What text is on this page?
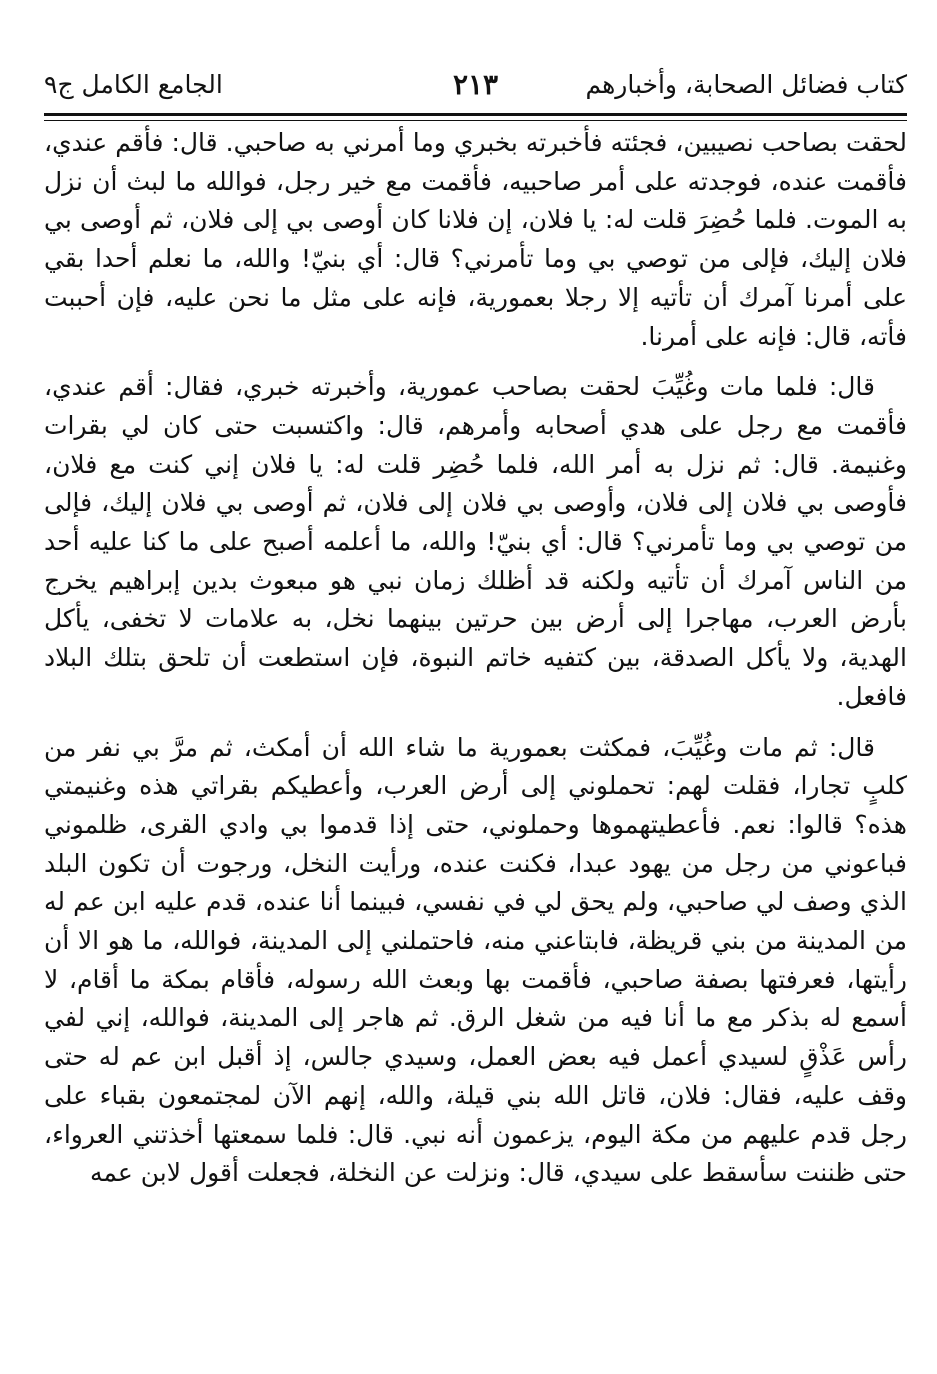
كتاب فضائل الصحابة، وأخبارهم
٢١٣
الجامع الكامل ج٩

لحقت بصاحب نصيبين، فجئته فأخبرته بخبري وما أمرني به صاحبي. قال: فأقم عندي، فأقمت عنده، فوجدته على أمر صاحبيه، فأقمت مع خير رجل، فوالله ما لبث أن نزل به الموت. فلما حُضِرَ قلت له: يا فلان، إن فلانا كان أوصى بي إلى فلان، ثم أوصى بي فلان إليك، فإلى من توصي بي وما تأمرني؟ قال: أي بنيّ! والله، ما نعلم أحدا بقي على أمرنا آمرك أن تأتيه إلا رجلا بعمورية، فإنه على مثل ما نحن عليه، فإن أحببت فأته، قال: فإنه على أمرنا.

قال: فلما مات وغُيِّبَ لحقت بصاحب عمورية، وأخبرته خبري، فقال: أقم عندي، فأقمت مع رجل على هدي أصحابه وأمرهم، قال: واكتسبت حتى كان لي بقرات وغنيمة. قال: ثم نزل به أمر الله، فلما حُضِر قلت له: يا فلان إني كنت مع فلان، فأوصى بي فلان إلى فلان، وأوصى بي فلان إلى فلان، ثم أوصى بي فلان إليك، فإلى من توصي بي وما تأمرني؟ قال: أي بنيّ! والله، ما أعلمه أصبح على ما كنا عليه أحد من الناس آمرك أن تأتيه ولكنه قد أظلك زمان نبي هو مبعوث بدين إبراهيم يخرج بأرض العرب، مهاجرا إلى أرض بين حرتين بينهما نخل، به علامات لا تخفى، يأكل الهدية، ولا يأكل الصدقة، بين كتفيه خاتم النبوة، فإن استطعت أن تلحق بتلك البلاد فافعل.

قال: ثم مات وغُيِّبَ، فمكثت بعمورية ما شاء الله أن أمكث، ثم مرَّ بي نفر من كلبٍ تجارا، فقلت لهم: تحملوني إلى أرض العرب، وأعطيكم بقراتي هذه وغنيمتي هذه؟ قالوا: نعم. فأعطيتهموها وحملوني، حتى إذا قدموا بي وادي القرى، ظلموني فباعوني من رجل من يهود عبدا، فكنت عنده، ورأيت النخل، ورجوت أن تكون البلد الذي وصف لي صاحبي، ولم يحق لي في نفسي، فبينما أنا عنده، قدم عليه ابن عم له من المدينة من بني قريظة، فابتاعني منه، فاحتملني إلى المدينة، فوالله، ما هو الا أن رأيتها، فعرفتها بصفة صاحبي، فأقمت بها وبعث الله رسوله، فأقام بمكة ما أقام، لا أسمع له بذكر مع ما أنا فيه من شغل الرق. ثم هاجر إلى المدينة، فوالله، إني لفي رأس عَذْقٍ لسيدي أعمل فيه بعض العمل، وسيدي جالس، إذ أقبل ابن عم له حتى وقف عليه، فقال: فلان، قاتل الله بني قيلة، والله، إنهم الآن لمجتمعون بقباء على رجل قدم عليهم من مكة اليوم، يزعمون أنه نبي. قال: فلما سمعتها أخذتني العرواء، حتى ظننت سأسقط على سيدي، قال: ونزلت عن النخلة، فجعلت أقول لابن عمه
